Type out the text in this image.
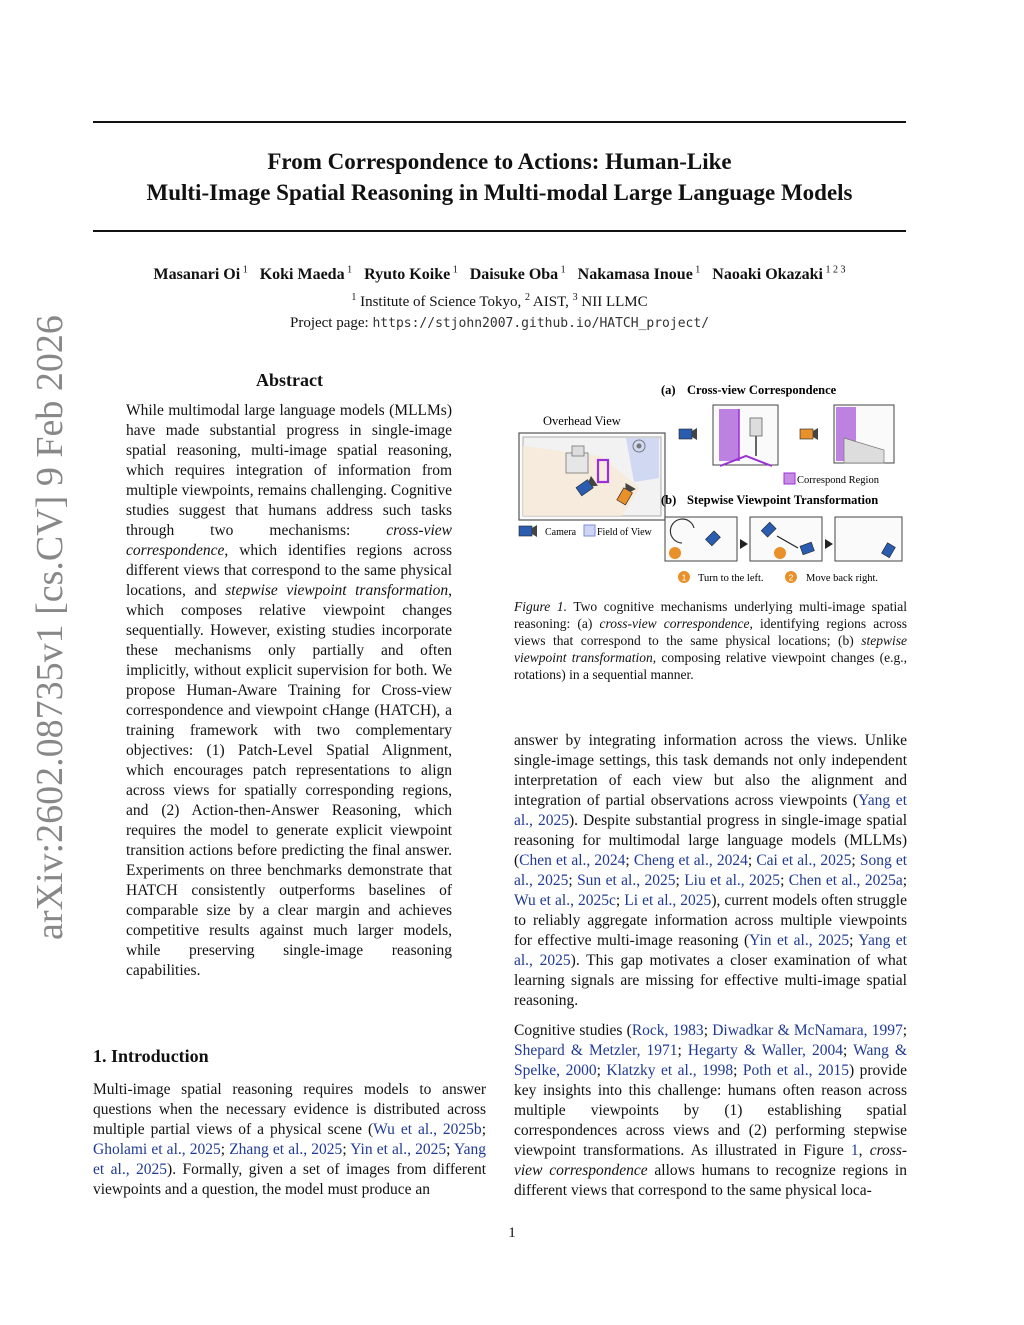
From Correspondence to Actions: Human-Like
Multi-Image Spatial Reasoning in Multi-modal Large Language Models
Masanari Oi $^1$ Koki Maeda $^1$ Ryuto Koike $^1$ Daisuke Oba $^1$ Nakamasa Inoue $^1$ Naoaki Okazaki $^{1 2 3}$
$^1$ Institute of Science Tokyo, $^2$ AIST, $^3$ NII LLMC
Project page: https://stjohn2007.github.io/HATCH_project/
arXiv:2602.08735v1 [cs.CV] 9 Feb 2026	Abstract

While multimodal large language models (MLLMs) have made substantial progress in single-image spatial reasoning, multi-image spatial reasoning, which requires integration of information from multiple viewpoints, remains challenging. Cognitive studies suggest that humans address such tasks through two mechanisms: cross-view correspondence, which identifies regions across different views that correspond to the same physical locations, and stepwise viewpoint transformation, which composes relative viewpoint changes sequentially. However, existing studies incorporate these mechanisms only partially and often implicitly, without explicit supervision for both. We propose Human-Aware Training for Cross-view correspondence and viewpoint cHange (HATCH), a training framework with two complementary objectives: (1) Patch-Level Spatial Alignment, which encourages patch representations to align across views for spatially corresponding regions, and (2) Action-then-Answer Reasoning, which requires the model to generate explicit viewpoint transition actions before predicting the final answer. Experiments on three benchmarks demonstrate that HATCH consistently outperforms baselines of comparable size by a clear margin and achieves competitive results against much larger models, while preserving single-image reasoning capabilities.

1. Introduction

Multi-image spatial reasoning requires models to answer questions when the necessary evidence is distributed across multiple partial views of a physical scene (Wu et al., 2025b; Gholami et al., 2025; Zhang et al., 2025; Yin et al., 2025; Yang et al., 2025). Formally, given a set of images from different viewpoints and a question, the model must produce an

(a) Cross-view Correspondence
Overhead View
Correspond Region
(b) Stepwise Viewpoint Transformation
Camera Field of View
1 Turn to the left.	2 Move back right.

Figure 1. Two cognitive mechanisms underlying multi-image spatial reasoning: (a) cross-view correspondence, identifying regions across views that correspond to the same physical locations; (b) stepwise viewpoint transformation, composing relative viewpoint changes (e.g., rotations) in a sequential manner.

answer by integrating information across the views. Unlike single-image settings, this task demands not only independent interpretation of each view but also the alignment and integration of partial observations across viewpoints (Yang et al., 2025). Despite substantial progress in single-image spatial reasoning for multimodal large language models (MLLMs) (Chen et al., 2024; Cheng et al., 2024; Cai et al., 2025; Song et al., 2025; Sun et al., 2025; Liu et al., 2025; Chen et al., 2025a; Wu et al., 2025c; Li et al., 2025), current models often struggle to reliably aggregate information across multiple viewpoints for effective multi-image reasoning (Yin et al., 2025; Yang et al., 2025). This gap motivates a closer examination of what learning signals are missing for effective multi-image spatial reasoning.

Cognitive studies (Rock, 1983; Diwadkar & McNamara, 1997; Shepard & Metzler, 1971; Hegarty & Waller, 2004; Wang & Spelke, 2000; Klatzky et al., 1998; Poth et al., 2015) provide key insights into this challenge: humans often reason across multiple viewpoints by (1) establishing spatial correspondences across views and (2) performing stepwise viewpoint transformations. As illustrated in Figure 1, cross-view correspondence allows humans to recognize regions in different views that correspond to the same physical loca-

1
